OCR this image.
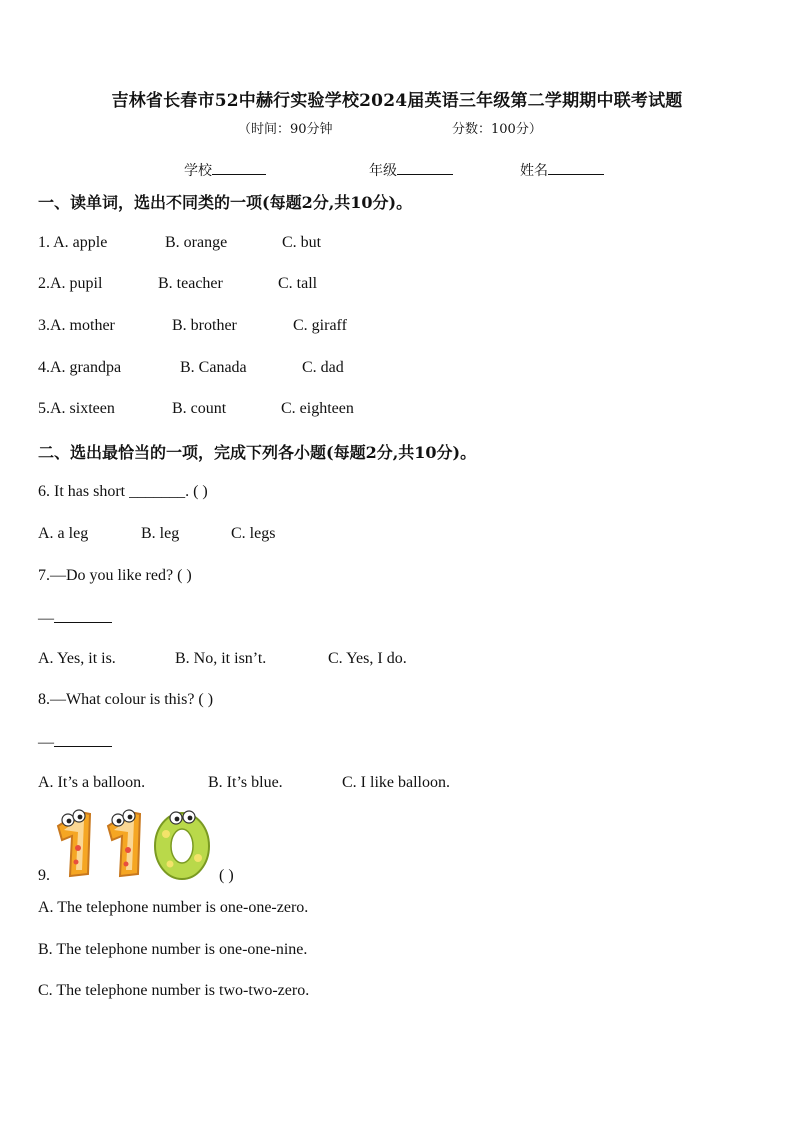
吉林省长春市52中赫行实验学校2024届英语三年级第二学期期中联考试题
（时间：90分钟	分数：100分）
学校	年级	姓名
一、读单词，选出不同类的一项(每题2分,共10分)。
1. A. apple	B. orange	C. but
2.A. pupil	B. teacher	C. tall
3.A. mother	B. brother	C. giraff
4.A. grandpa	B. Canada	C. dad
5.A. sixteen	B. count	C. eighteen
二、选出最恰当的一项，完成下列各小题(每题2分,共10分)。
6. It has short _______. ( )
A. a leg	B. leg	C. legs
7.—Do you like red? ( )
—
A. Yes, it is.	B. No, it isn’t.	C. Yes, I do.
8.—What colour is this? ( )
—
A. It’s a balloon.	B. It’s blue.	C. I like balloon.
9.	( )
A. The telephone number is one-one-zero.
B. The telephone number is one-one-nine.
C. The telephone number is two-two-zero.
